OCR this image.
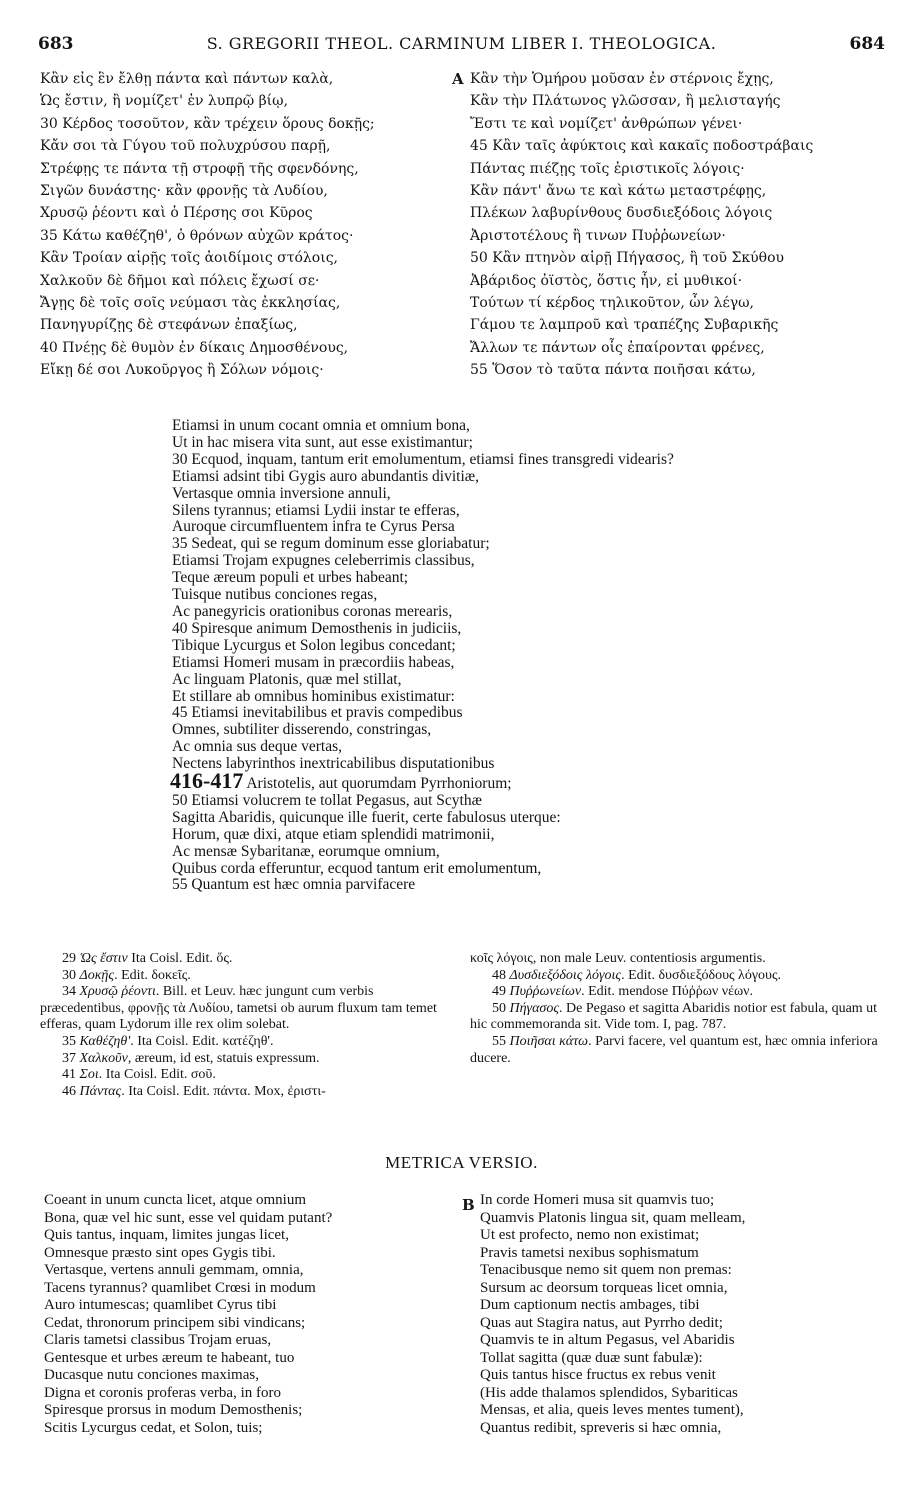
683	S. GREGORII THEOL. CARMINUM LIBER I. THEOLOGICA.	684
Κἂν εἰς ἓν ἔλθῃ πάντα καὶ πάντων καλὰ,
Ὡς ἔστιν, ἢ νομίζετ' ἐν λυπρῷ βίῳ,
30 Κέρδος τοσοῦτον, κἂν τρέχειν ὅρους δοκῇς;
Κἄν σοι τὰ Γύγου τοῦ πολυχρύσου παρῇ,
Στρέφῃς τε πάντα τῇ στροφῇ τῆς σφενδόνης,
Σιγῶν δυνάστης· κἂν φρονῇς τὰ Λυδίου,
Χρυσῷ ῥέοντι καὶ ὁ Πέρσης σοι Κῦρος
35 Κάτω καθέζηθ', ὁ θρόνων αὐχῶν κράτος·
Κἂν Τροίαν αἱρῇς τοῖς ἀοιδίμοις στόλοις,
Χαλκοῦν δὲ δῆμοι καὶ πόλεις ἔχωσί σε·
Ἄγῃς δὲ τοῖς σοῖς νεύμασι τὰς ἐκκλησίας,
Πανηγυρίζῃς δὲ στεφάνων ἐπαξίως,
40 Πνέῃς δὲ θυμὸν ἐν δίκαις Δημοσθένους,
Εἴκῃ δέ σοι Λυκοῦργος ἢ Σόλων νόμοις·
A Κἂν τὴν Ὁμήρου μοῦσαν ἐν στέρνοις ἔχῃς,
Κἂν τὴν Πλάτωνος γλῶσσαν, ἢ μελισταγής
Ἔστι τε καὶ νομίζετ' ἀνθρώπων γένει·
45 Κἂν ταῖς ἀφύκτοις καὶ κακαῖς ποδοστράβαις
Πάντας πιέζῃς τοῖς ἐριστικοῖς λόγοις·
Κἂν πάντ' ἄνω τε καὶ κάτω μεταστρέφῃς,
Πλέκων λαβυρίνθους δυσδιεξόδοις λόγοις
Ἀριστοτέλους ἢ τινων Πυῤῥωνείων·
50 Κἂν πτηνὸν αἱρῇ Πήγασος, ἢ τοῦ Σκύθου
Ἀβάριδος ὀϊστὸς, ὅστις ἦν, εἰ μυθικοί·
Τούτων τί κέρδος τηλικοῦτον, ὧν λέγω,
Γάμου τε λαμπροῦ καὶ τραπέζης Συβαρικῆς
Ἄλλων τε πάντων οἷς ἐπαίρονται φρένες,
55 Ὅσον τὸ ταῦτα πάντα ποιῆσαι κάτω,
Etiamsi in unum cocant omnia et omnium bona,
Ut in hac misera vita sunt, aut esse existimantur;
30 Ecquod, inquam, tantum erit emolumentum, etiamsi fines transgredi videaris?
Etiamsi adsint tibi Gygis auro abundantis divitiæ,
Vertasque omnia inversione annuli,
Silens tyrannus; etiamsi Lydii instar te efferas,
Auroque circumfluentem infra te Cyrus Persa
35 Sedeat, qui se regum dominum esse gloriabatur;
Etiamsi Trojam expugnes celeberrimis classibus,
Teque æreum populi et urbes habeant;
Tuisque nutibus conciones regas,
Ac panegyricis orationibus coronas merearis,
40 Spiresque animum Demosthenis in judiciis,
Tibique Lycurgus et Solon legibus concedant;
Etiamsi Homeri musam in præcordiis habeas,
Ac linguam Platonis, quæ mel stillat,
Et stillare ab omnibus hominibus existimatur:
45 Etiamsi inevitabilibus et pravis compedibus
Omnes, subtiliter disserendo, constringas,
Ac omnia sus deque vertas,
Nectens labyrinthos inextricabilibus disputationibus
416-417 Aristotelis, aut quorumdam Pyrrhoniorum;
50 Etiamsi volucrem te tollat Pegasus, aut Scythæ
Sagitta Abaridis, quicunque ille fuerit, certe fabulosus uterque:
Horum, quæ dixi, atque etiam splendidi matrimonii,
Ac mensæ Sybaritanæ, eorumque omnium,
Quibus corda efferuntur, ecquod tantum erit emolumentum,
55 Quantum est hæc omnia parvifacere

29 Ὡς ἔστιν Ita Coisl. Edit. ὅς.

30 Δοκῇς. Edit. δοκεῖς.

34 Χρυσῷ ῥέοντι. Bill. et Leuv. hæc jungunt cum verbis præcedentibus, φρονῇς τὰ Λυδίου, tametsi ob aurum fluxum tam temet efferas, quam Lydorum ille rex olim solebat.

35 Καθέζηθ'. Ita Coisl. Edit. κατέζηθ'.

37 Χαλκοῦν, æreum, id est, statuis expressum.

41 Σοι. Ita Coisl. Edit. σοῦ.

46 Πάντας. Ita Coisl. Edit. πάντα. Mox, ἐριστι-

κοῖς λόγοις, non male Leuv. contentiosis argumentis.

48 Δυσδιεξόδοις λόγοις. Edit. δυσδιεξόδους λόγους.

49 Πυῤῥωνείων. Edit. mendose Πύῤῥων νέων.

50 Πήγασος. De Pegaso et sagitta Abaridis notior est fabula, quam ut hic commemoranda sit. Vide tom. I, pag. 787.

55 Ποιῆσαι κάτω. Parvi facere, vel quantum est, hæc omnia inferiora ducere.

METRICA VERSIO.
Coeant in unum cuncta licet, atque omnium
Bona, quæ vel hic sunt, esse vel quidam putant?
Quis tantus, inquam, limites jungas licet,
Omnesque præsto sint opes Gygis tibi.
Vertasque, vertens annuli gemmam, omnia,
Tacens tyrannus? quamlibet Crœsi in modum
Auro intumescas; quamlibet Cyrus tibi
Cedat, thronorum principem sibi vindicans;
Claris tametsi classibus Trojam eruas,
Gentesque et urbes æreum te habeant, tuo
Ducasque nutu conciones maximas,
Digna et coronis proferas verba, in foro
Spiresque prorsus in modum Demosthenis;
Scitis Lycurgus cedat, et Solon, tuis;
B In corde Homeri musa sit quamvis tuo;
Quamvis Platonis lingua sit, quam melleam,
Ut est profecto, nemo non existimat;
Pravis tametsi nexibus sophismatum
Tenacibusque nemo sit quem non premas:
Sursum ac deorsum torqueas licet omnia,
Dum captionum nectis ambages, tibi
Quas aut Stagira natus, aut Pyrrho dedit;
Quamvis te in altum Pegasus, vel Abaridis
Tollat sagitta (quæ duæ sunt fabulæ):
Quis tantus hisce fructus ex rebus venit
(His adde thalamos splendidos, Sybariticas
Mensas, et alia, queis leves mentes tument),
Quantus redibit, spreveris si hæc omnia,
